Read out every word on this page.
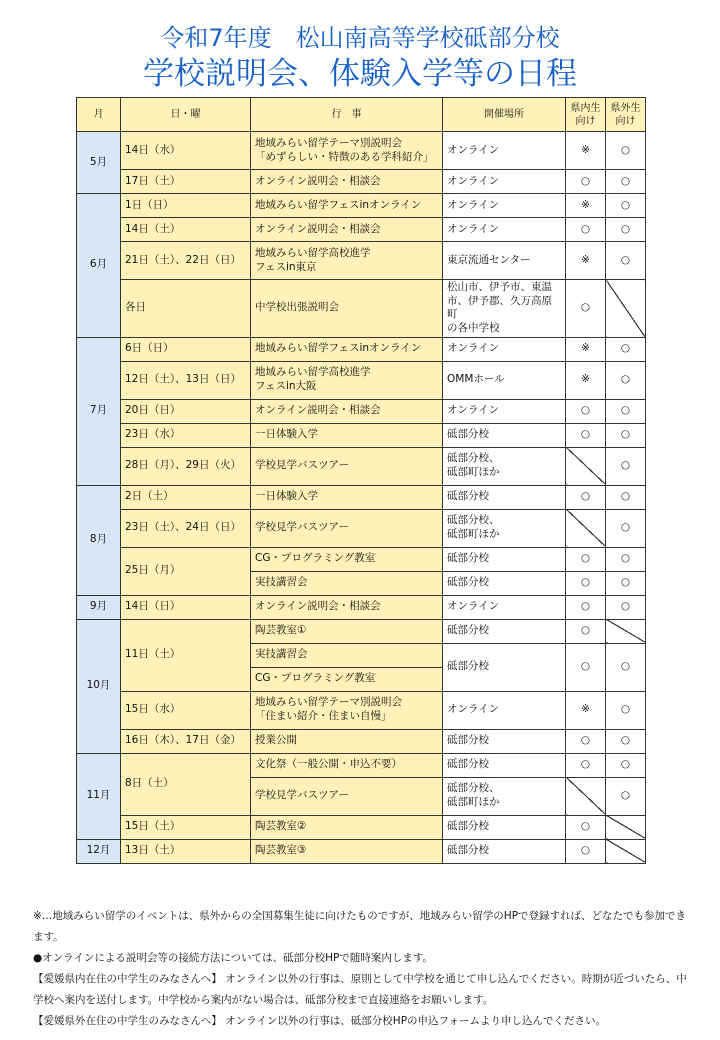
令和7年度　松山南高等学校砥部分校
学校説明会、体験入学等の日程
月	日・曜	行　事	開催場所	県内生
向け	県外生
向け
5月	14日（水）	地域みらい留学テーマ別説明会
「めずらしい・特徴のある学科紹介」	オンライン	※	○
	17日（土）	オンライン説明会・相談会	オンライン	○	○
6月	1日（日）	地域みらい留学フェスinオンライン	オンライン	※	○
	14日（土）	オンライン説明会・相談会	オンライン	○	○
	21日（土）、22日（日）	地域みらい留学高校進学
フェスin東京	東京流通センター	※	○
	各日	中学校出張説明会	松山市、伊予市、東温
市、伊予郡、久万高原町
の各中学校	○	
7月	6日（日）	地域みらい留学フェスinオンライン	オンライン	※	○
	12日（土）、13日（日）	地域みらい留学高校進学
フェスin大阪	OMMホール	※	○
	20日（日）	オンライン説明会・相談会	オンライン	○	○
	23日（水）	一日体験入学	砥部分校	○	○
	28日（月）、29日（火）	学校見学バスツアー	砥部分校、
砥部町ほか		○
8月	2日（土）	一日体験入学	砥部分校	○	○
	23日（土）、24日（日）	学校見学バスツアー	砥部分校、
砥部町ほか		○
	25日（月）	CG・プログラミング教室	砥部分校	○	○
		実技講習会	砥部分校	○	○
9月	14日（日）	オンライン説明会・相談会	オンライン	○	○
10月	11日（土）	陶芸教室①	砥部分校	○	
		実技講習会	砥部分校	○	○
		CG・プログラミング教室			
	15日（水）	地域みらい留学テーマ別説明会
「住まい紹介・住まい自慢」	オンライン	※	○
	16日（木）、17日（金）	授業公開	砥部分校	○	○
11月	8日（土）	文化祭（一般公開・申込不要）	砥部分校	○	○
		学校見学バスツアー	砥部分校、
砥部町ほか		○
	15日（土）	陶芸教室②	砥部分校	○	
12月	13日（土）	陶芸教室③	砥部分校	○	

※…地域みらい留学のイベントは、県外からの全国募集生徒に向けたものですが、地域みらい留学のHPで登録すれば、どなたでも参加できます。

●オンラインによる説明会等の接続方法については、砥部分校HPで随時案内します。

【愛媛県内在住の中学生のみなさんへ】 オンライン以外の行事は、原則として中学校を通じて申し込んでください。時期が近づいたら、中学校へ案内を送付します。中学校から案内がない場合は、砥部分校まで直接連絡をお願いします。

【愛媛県外在住の中学生のみなさんへ】 オンライン以外の行事は、砥部分校HPの申込フォームより申し込んでください。
